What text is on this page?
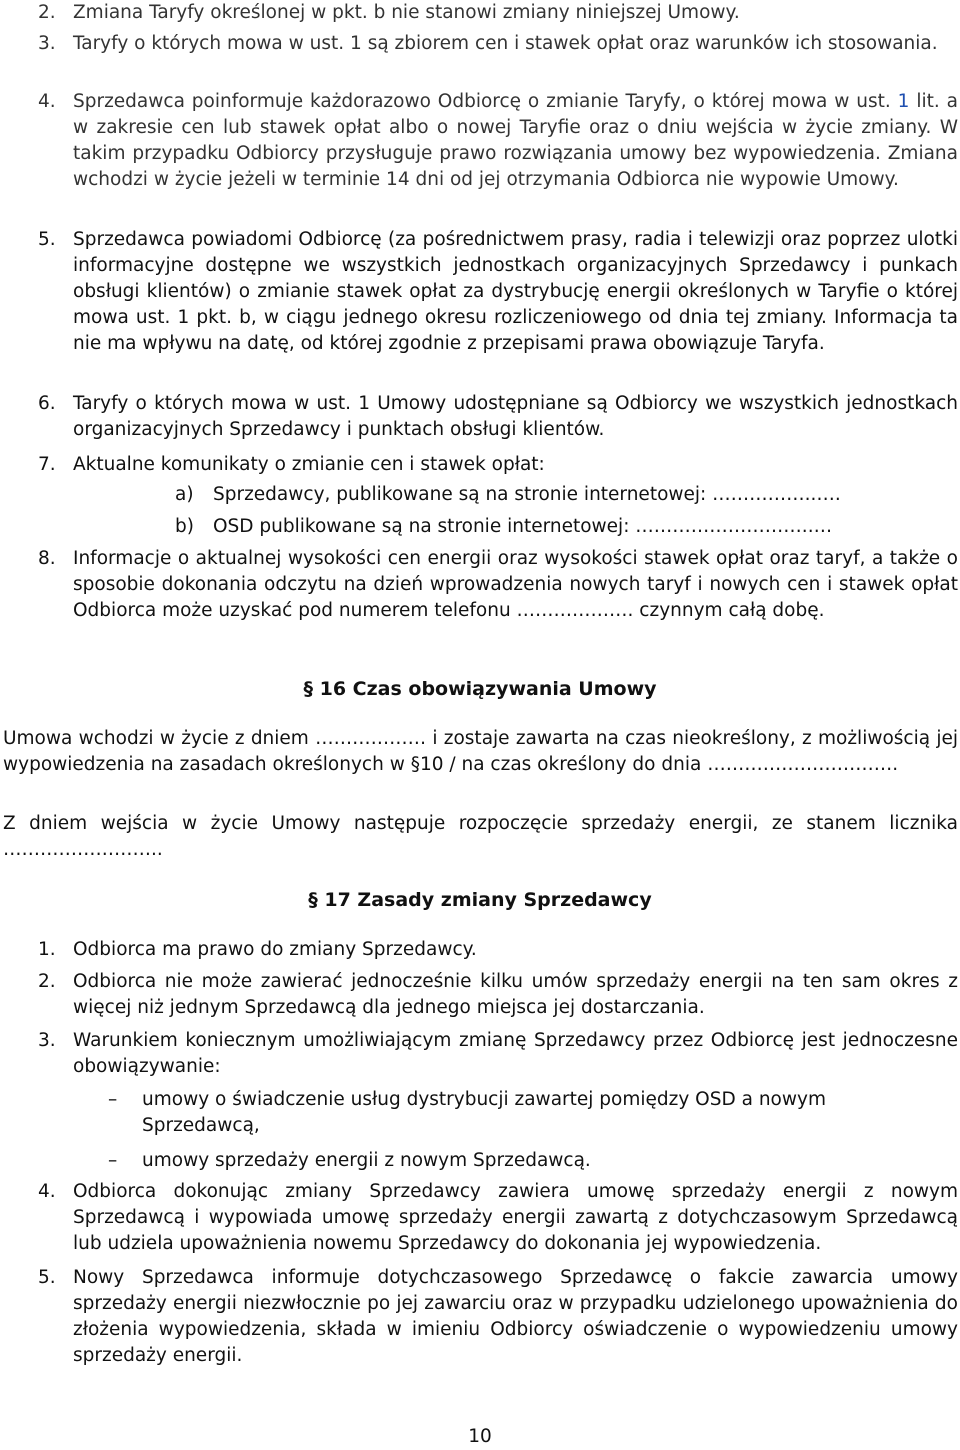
2. Zmiana Taryfy określonej w pkt. b nie stanowi zmiany niniejszej Umowy.
3. Taryfy o których mowa w ust. 1 są zbiorem cen i stawek opłat oraz warunków ich stosowania.
4. Sprzedawca poinformuje każdorazowo Odbiorcę o zmianie Taryfy, o której mowa w ust. 1 lit. a w zakresie cen lub stawek opłat albo o nowej Taryfie oraz o dniu wejścia w życie zmiany. W takim przypadku Odbiorcy przysługuje prawo rozwiązania umowy bez wypowiedzenia. Zmiana wchodzi w życie jeżeli w terminie 14 dni od jej otrzymania Odbiorca nie wypowie Umowy.
5. Sprzedawca powiadomi Odbiorcę (za pośrednictwem prasy, radia i telewizji oraz poprzez ulotki informacyjne dostępne we wszystkich jednostkach organizacyjnych Sprzedawcy i punkach obsługi klientów) o zmianie stawek opłat za dystrybucję energii określonych w Taryfie o której mowa ust. 1 pkt. b, w ciągu jednego okresu rozliczeniowego od dnia tej zmiany. Informacja ta nie ma wpływu na datę, od której zgodnie z przepisami prawa obowiązuje Taryfa.
6. Taryfy o których mowa w ust. 1 Umowy udostępniane są Odbiorcy we wszystkich jednostkach organizacyjnych Sprzedawcy i punktach obsługi klientów.
7. Aktualne komunikaty o zmianie cen i stawek opłat:
a) Sprzedawcy, publikowane są na stronie internetowej: ……………..….
b) OSD publikowane są na stronie internetowej: ………………………..…
8. Informacje o aktualnej wysokości cen energii oraz wysokości stawek opłat oraz taryf, a także o sposobie dokonania odczytu na dzień wprowadzenia nowych taryf i nowych cen i stawek opłat Odbiorca może uzyskać pod numerem telefonu ………………. czynnym całą dobę.
§ 16 Czas obowiązywania Umowy
Umowa wchodzi w życie z dniem ……………… i zostaje zawarta na czas nieokreślony, z możliwością jej wypowiedzenia na zasadach określonych w §10 / na czas określony do dnia ………………………….
Z dniem wejścia w życie Umowy następuje rozpoczęcie sprzedaży energii, ze stanem licznika ……………………..
§ 17 Zasady zmiany Sprzedawcy
1. Odbiorca ma prawo do zmiany Sprzedawcy.
2. Odbiorca nie może zawierać jednocześnie kilku umów sprzedaży energii na ten sam okres z więcej niż jednym Sprzedawcą dla jednego miejsca jej dostarczania.
3. Warunkiem koniecznym umożliwiającym zmianę Sprzedawcy przez Odbiorcę jest jednoczesne obowiązywanie:
– umowy o świadczenie usług dystrybucji zawartej pomiędzy OSD a nowym Sprzedawcą,
– umowy sprzedaży energii z nowym Sprzedawcą.
4. Odbiorca dokonując zmiany Sprzedawcy zawiera umowę sprzedaży energii z nowym Sprzedawcą i wypowiada umowę sprzedaży energii zawartą z dotychczasowym Sprzedawcą lub udziela upoważnienia nowemu Sprzedawcy do dokonania jej wypowiedzenia.
5. Nowy Sprzedawca informuje dotychczasowego Sprzedawcę o fakcie zawarcia umowy sprzedaży energii niezwłocznie po jej zawarciu oraz w przypadku udzielonego upoważnienia do złożenia wypowiedzenia, składa w imieniu Odbiorcy oświadczenie o wypowiedzeniu umowy sprzedaży energii.
10
